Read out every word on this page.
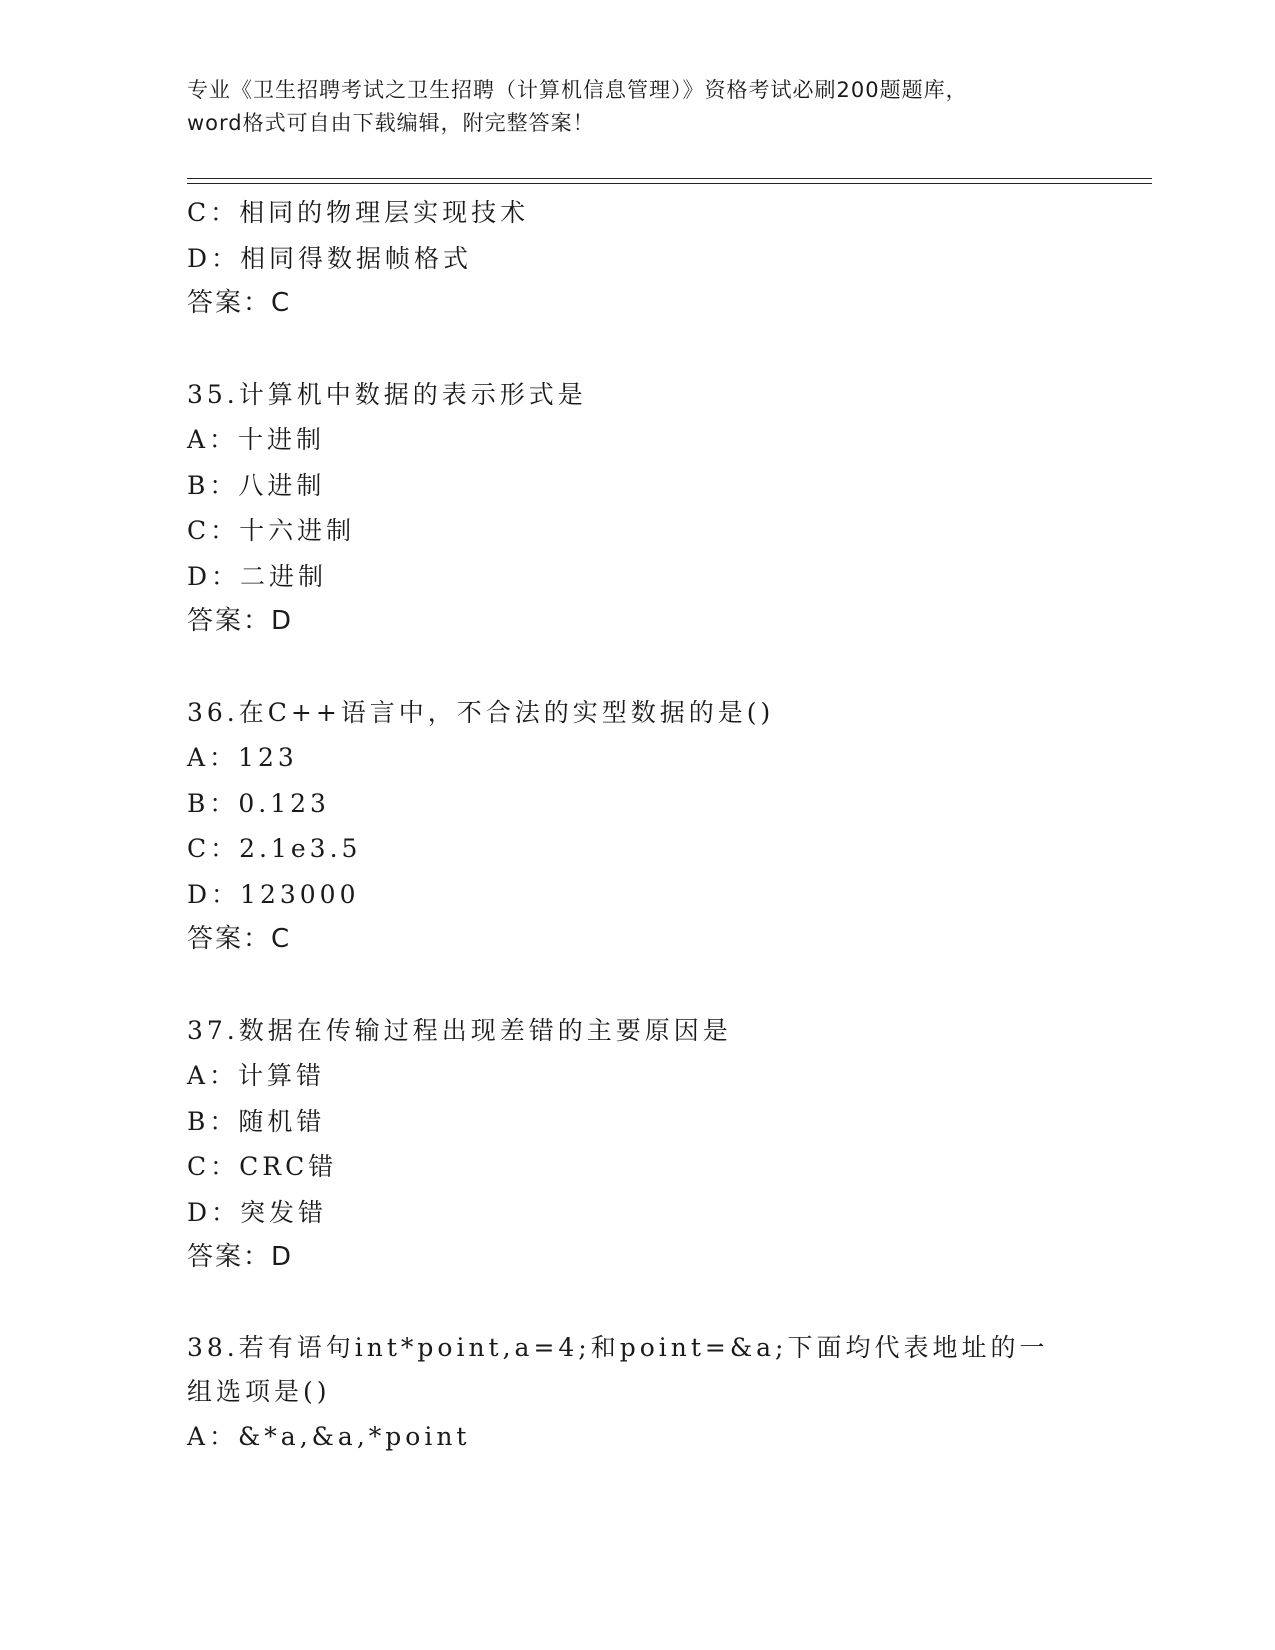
专业《卫生招聘考试之卫生招聘（计算机信息管理）》资格考试必刷200题题库，
word格式可自由下载编辑，附完整答案！
C：相同的物理层实现技术
D：相同得数据帧格式
答案：C
35.计算机中数据的表示形式是
A：十进制
B：八进制
C：十六进制
D：二进制
答案：D
36.在C++语言中，不合法的实型数据的是()
A：123
B：0.123
C：2.1e3.5
D：123000
答案：C
37.数据在传输过程出现差错的主要原因是
A：计算错
B：随机错
C：CRC错
D：突发错
答案：D
38.若有语句int*point,a=4;和point=&a;下面均代表地址的一组选项是()
A：&*a,&a,*point
